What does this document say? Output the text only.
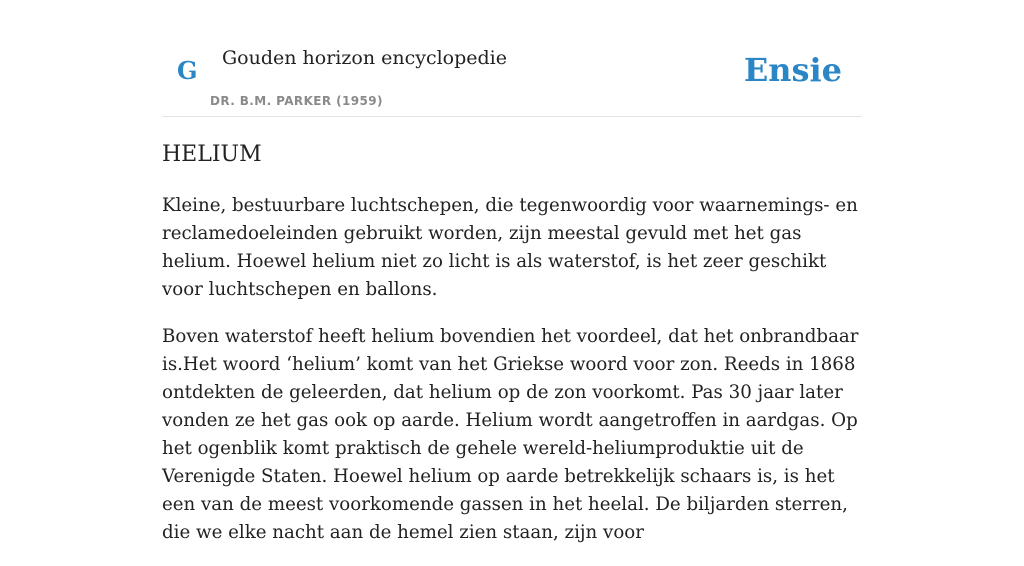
G Gouden horizon encyclopedie
DR. B.M. PARKER (1959)
Ensie
HELIUM

Kleine, bestuurbare luchtschepen, die tegenwoordig voor waarnemings- en reclamedoeleinden gebruikt worden, zijn meestal gevuld met het gas helium. Hoewel helium niet zo licht is als waterstof, is het zeer geschikt voor luchtschepen en ballons.

Boven waterstof heeft helium bovendien het voordeel, dat het onbrandbaar is.Het woord ‘helium’ komt van het Griekse woord voor zon. Reeds in 1868 ontdekten de geleerden, dat helium op de zon voorkomt. Pas 30 jaar later vonden ze het gas ook op aarde. Helium wordt aangetroffen in aardgas. Op het ogenblik komt praktisch de gehele wereld-heliumproduktie uit de Verenigde Staten. Hoewel helium op aarde betrekkelijk schaars is, is het een van de meest voorkomende gassen in het heelal. De biljarden sterren, die we elke nacht aan de hemel zien staan, zijn voor
